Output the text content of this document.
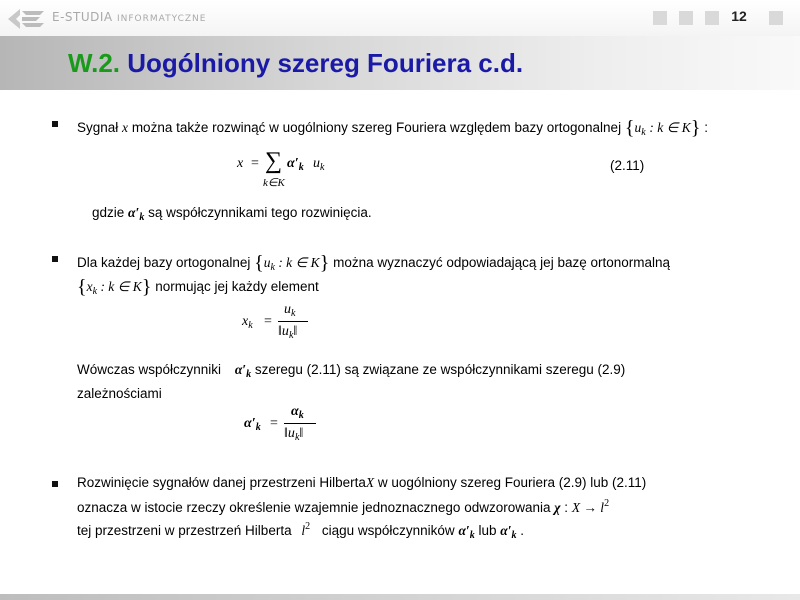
E-STUDIA INFORMATYCZNE	12
W.2. Uogólniony szereg Fouriera c.d.
Sygnał x można także rozwinąć w uogólniony szereg Fouriera względem bazy ortogonalnej {$u_k$ : k ∈ K} :
x = ∑
k∈K
$\alpha'_k$ $u_k$	(2.11)
gdzie $\alpha'_k$ są współczynnikami tego rozwinięcia.
Dla każdej bazy ortogonalnej {$u_k$ : k ∈ K} można wyznaczyć odpowiadającą jej bazę ortonormalną
{$x_k$ : k ∈ K} normując jej każdy element
$x_k$ =
$u_k$
$‖u_k‖$
Wówczas współczynniki $\alpha'_k$ szeregu (2.11) są związane ze współczynnikami szeregu (2.9)
zależnościami
$\alpha'_k$ =
$\alpha_k$
$‖u_k‖$
Rozwinięcie sygnałów danej przestrzeni HilbertaX w uogólniony szereg Fouriera (2.9) lub (2.11)
oznacza w istocie rzeczy określenie wzajemnie jednoznacznego odwzorowania χ : $X \to l^2$
tej przestrzeni w przestrzeń Hilberta $l^2$ ciągu współczynników $\alpha'_k$ lub $\alpha'_k$ .
